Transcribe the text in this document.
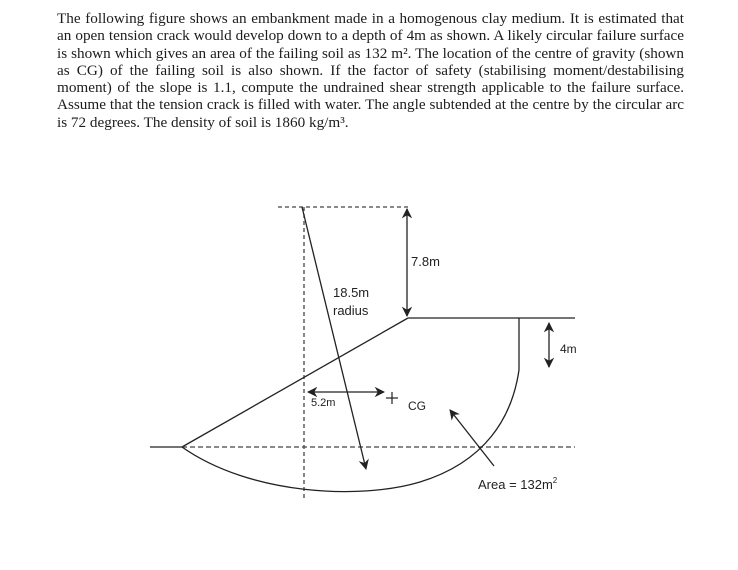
The following figure shows an embankment made in a homogenous clay medium. It is estimated that an open tension crack would develop down to a depth of 4m as shown. A likely circular failure surface is shown which gives an area of the failing soil as 132 m². The location of the centre of gravity (shown as CG) of the failing soil is also shown. If the factor of safety (stabilising moment/destabilising moment) of the slope is 1.1, compute the undrained shear strength applicable to the failure surface. Assume that the tension crack is filled with water. The angle subtended at the centre by the circular arc is 72 degrees. The density of soil is 1860 kg/m³.
7.8m
18.5m
radius
4m
5.2m	CG
Area = $132m^2$
